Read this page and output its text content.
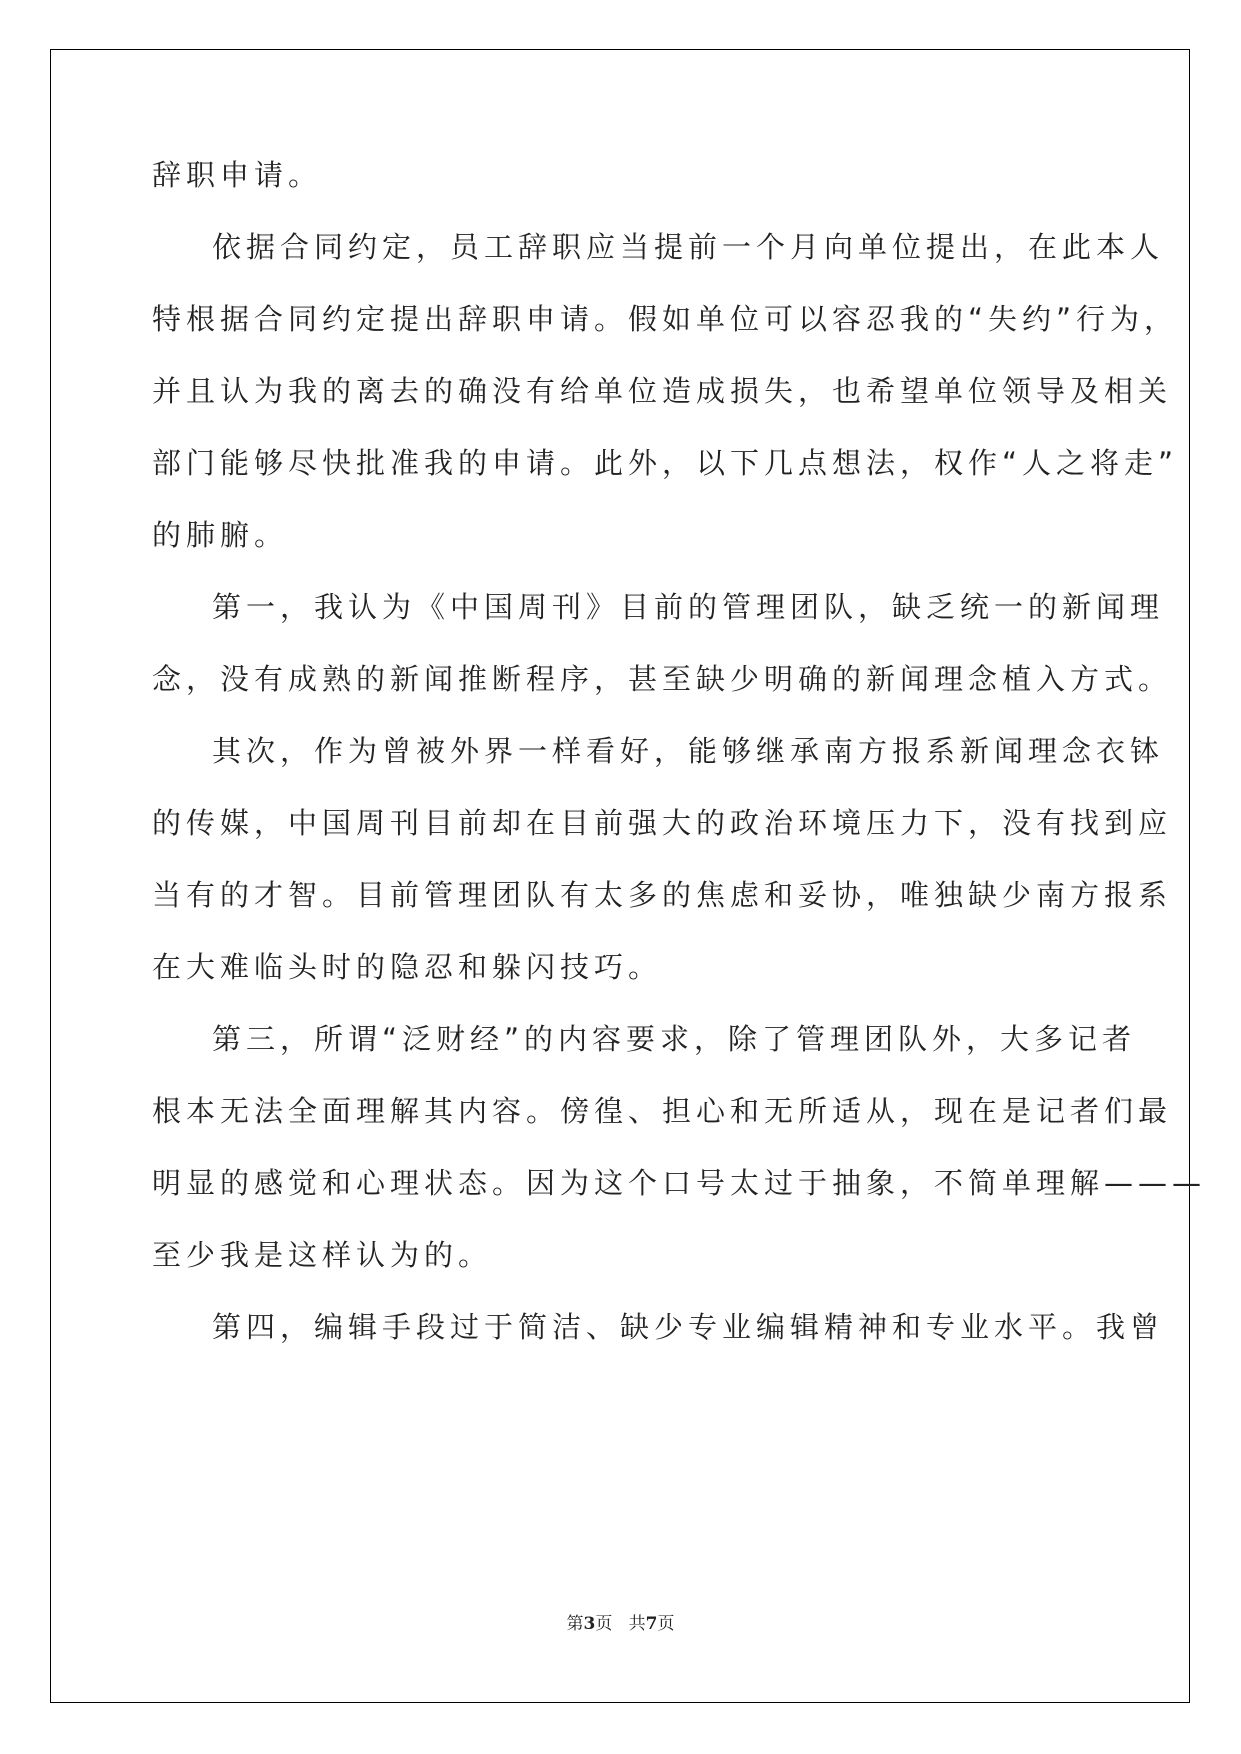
辞职申请。
依据合同约定，员工辞职应当提前一个月向单位提出，在此本人
特根据合同约定提出辞职申请。假如单位可以容忍我的“失约”行为，
并且认为我的离去的确没有给单位造成损失，也希望单位领导及相关
部门能够尽快批准我的申请。此外，以下几点想法，权作“人之将走”
的肺腑。
第一，我认为《中国周刊》目前的管理团队，缺乏统一的新闻理
念，没有成熟的新闻推断程序，甚至缺少明确的新闻理念植入方式。
其次，作为曾被外界一样看好，能够继承南方报系新闻理念衣钵
的传媒，中国周刊目前却在目前强大的政治环境压力下，没有找到应
当有的才智。目前管理团队有太多的焦虑和妥协，唯独缺少南方报系
在大难临头时的隐忍和躲闪技巧。
第三，所谓“泛财经”的内容要求，除了管理团队外，大多记者
根本无法全面理解其内容。傍徨、担心和无所适从，现在是记者们最
明显的感觉和心理状态。因为这个口号太过于抽象，不简单理解———
至少我是这样认为的。
第四，编辑手段过于简洁、缺少专业编辑精神和专业水平。我曾
第3页 共7页
